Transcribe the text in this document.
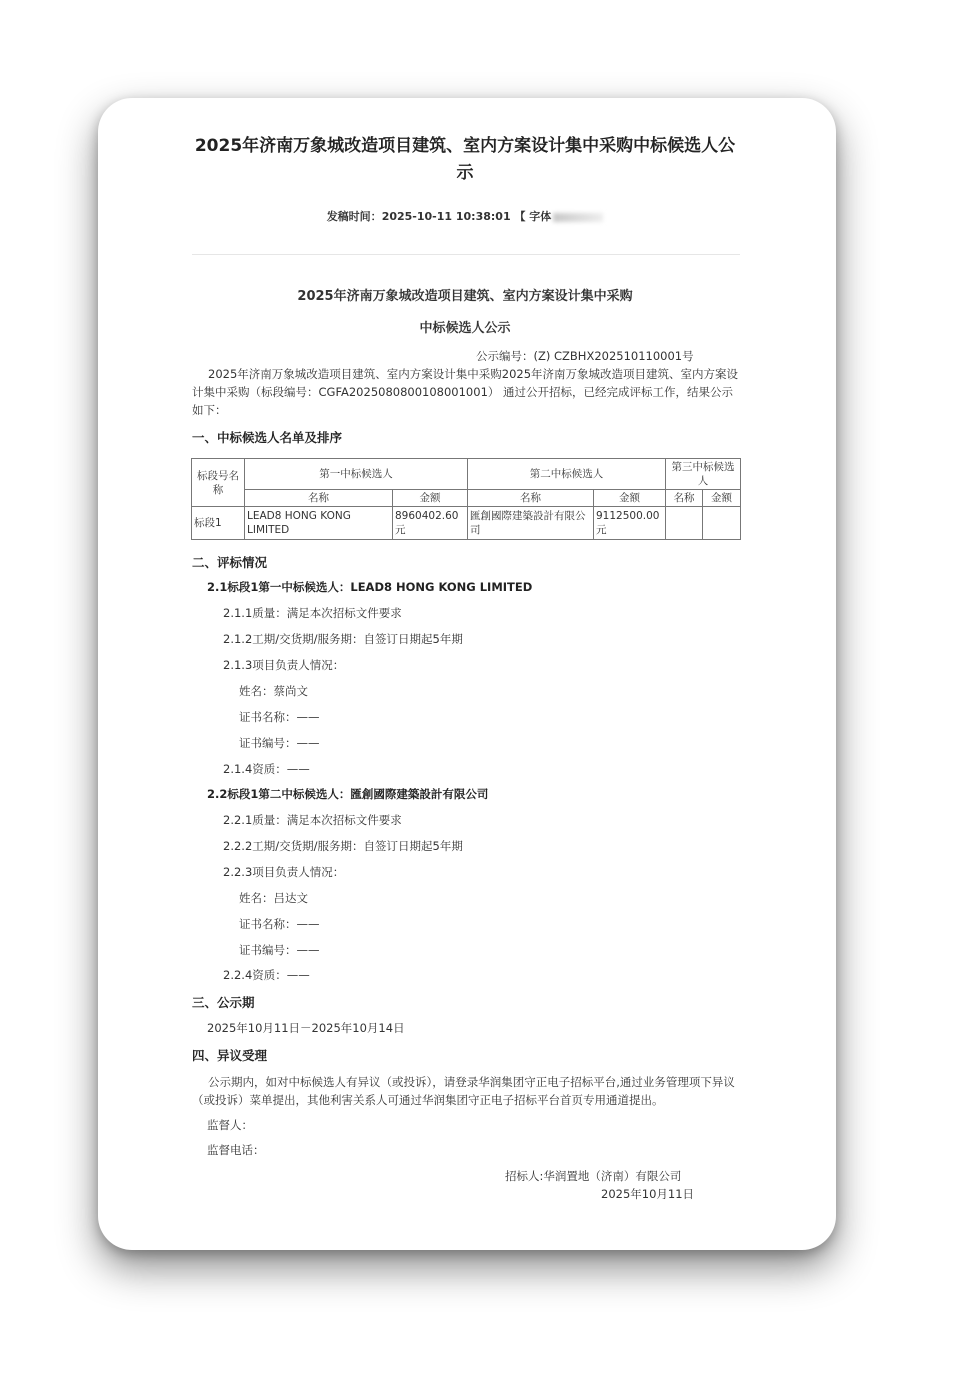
2025年济南万象城改造项目建筑、室内方案设计集中采购中标候选人公示
发稿时间：2025-10-11 10:38:01 【 字体
2025年济南万象城改造项目建筑、室内方案设计集中采购
中标候选人公示
公示编号：(Z) CZBHX202510110001号
2025年济南万象城改造项目建筑、室内方案设计集中采购2025年济南万象城改造项目建筑、室内方案设计集中采购（标段编号：CGFA20250808001080010​01） 通过公开招标，已经完成评标工作，结果公示如下：
一、中标候选人名单及排序
标段号名称	第一中标候选人		第二中标候选人		第三中标候选人	
	名称	金额	名称	金额	名称	金额
标段1	LEAD8 HONG KONG LIMITED	8960402.60元	匯創國際建築設計有限公司	9112500.00元		
二、评标情况
2.1标段1第一中标候选人：LEAD8 HONG KONG LIMITED
2.1.1质量：满足本次招标文件要求
2.1.2工期/交货期/服务期：自签订日期起5年期
2.1.3项目负责人情况：
姓名：蔡尚文
证书名称：——
证书编号：——
2.1.4资质：——
2.2标段1第二中标候选人：匯創國際建築設計有限公司
2.2.1质量：满足本次招标文件要求
2.2.2工期/交货期/服务期：自签订日期起5年期
2.2.3项目负责人情况：
姓名：吕达文
证书名称：——
证书编号：——
2.2.4资质：——
三、公示期
2025年10月11日－2025年10月14日
四、异议受理
公示期内，如对中标候选人有异议（或投诉），请登录华润集团守正电子招标平台,通过业务管理项下异议（或投诉）菜单提出，其他利害关系人可通过华润集团守正电子招标平台首页专用通道提出。
监督人：
监督电话：
招标人:华润置地（济南）有限公司
2025年10月11日
